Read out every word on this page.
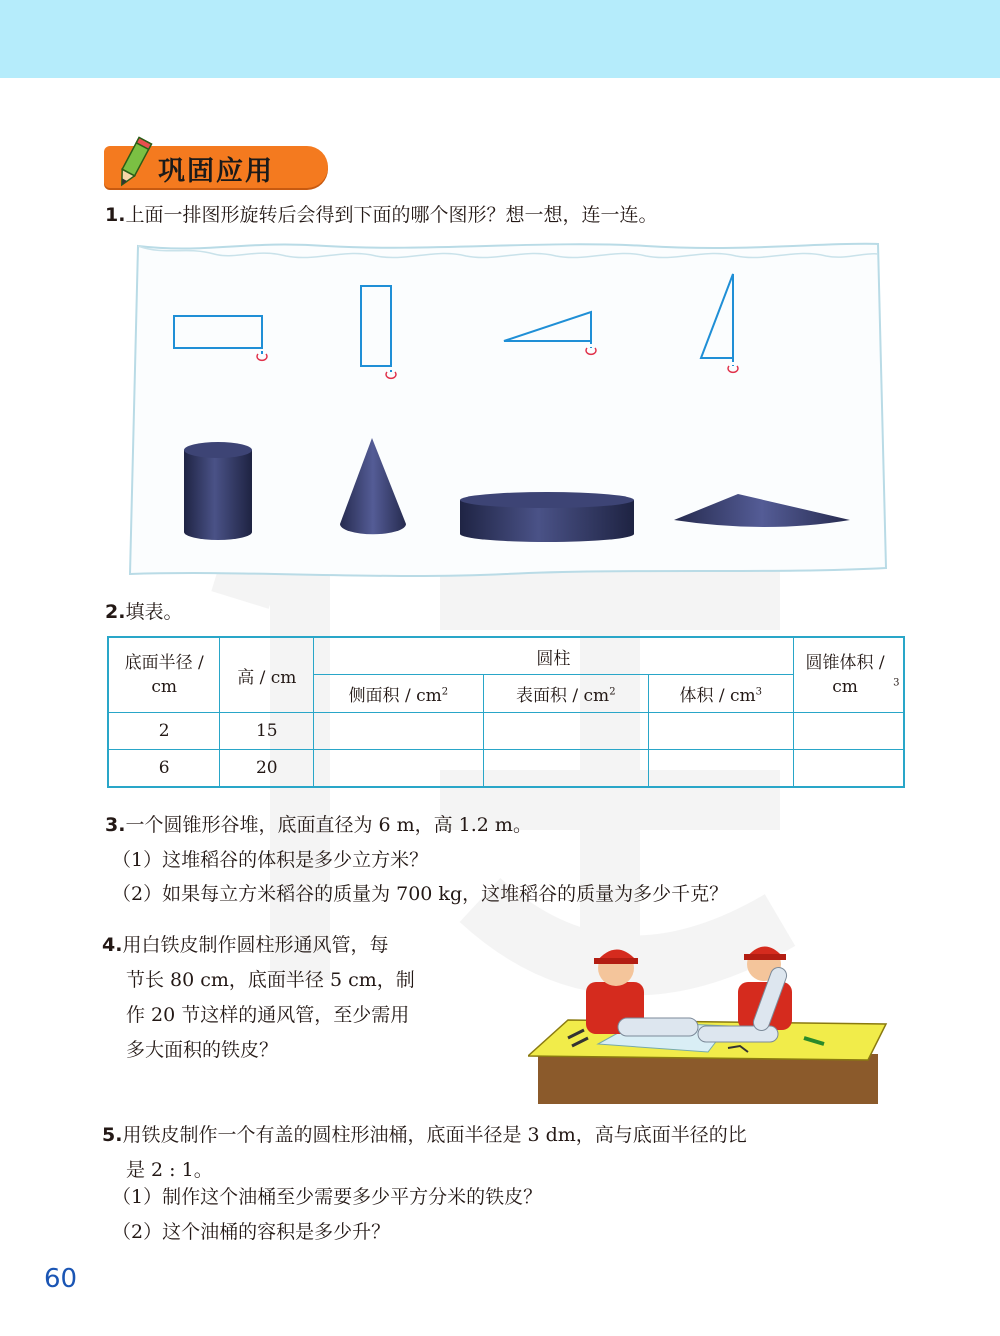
巩固应用
1.上面一排图形旋转后会得到下面的哪个图形？想一想，连一连。
2.填表。
底面半径 / cm	高 / cm	圆柱			圆锥体积 / cm $^3$
		侧面积 / $cm^2$	表面积 / $cm^2$	体积 / $cm^3$
2	15				
6	20				
3.一个圆锥形谷堆，底面直径为 6 m，高 1.2 m。
（1）这堆稻谷的体积是多少立方米？
（2）如果每立方米稻谷的质量为 700 kg，这堆稻谷的质量为多少千克？
4.用白铁皮制作圆柱形通风管，每
节长 80 cm，底面半径 5 cm，制
作 20 节这样的通风管，至少需用
多大面积的铁皮？
5.用铁皮制作一个有盖的圆柱形油桶，底面半径是 3 dm，高与底面半径的比
是 2 : 1。
（1）制作这个油桶至少需要多少平方分米的铁皮？
（2）这个油桶的容积是多少升？
60
